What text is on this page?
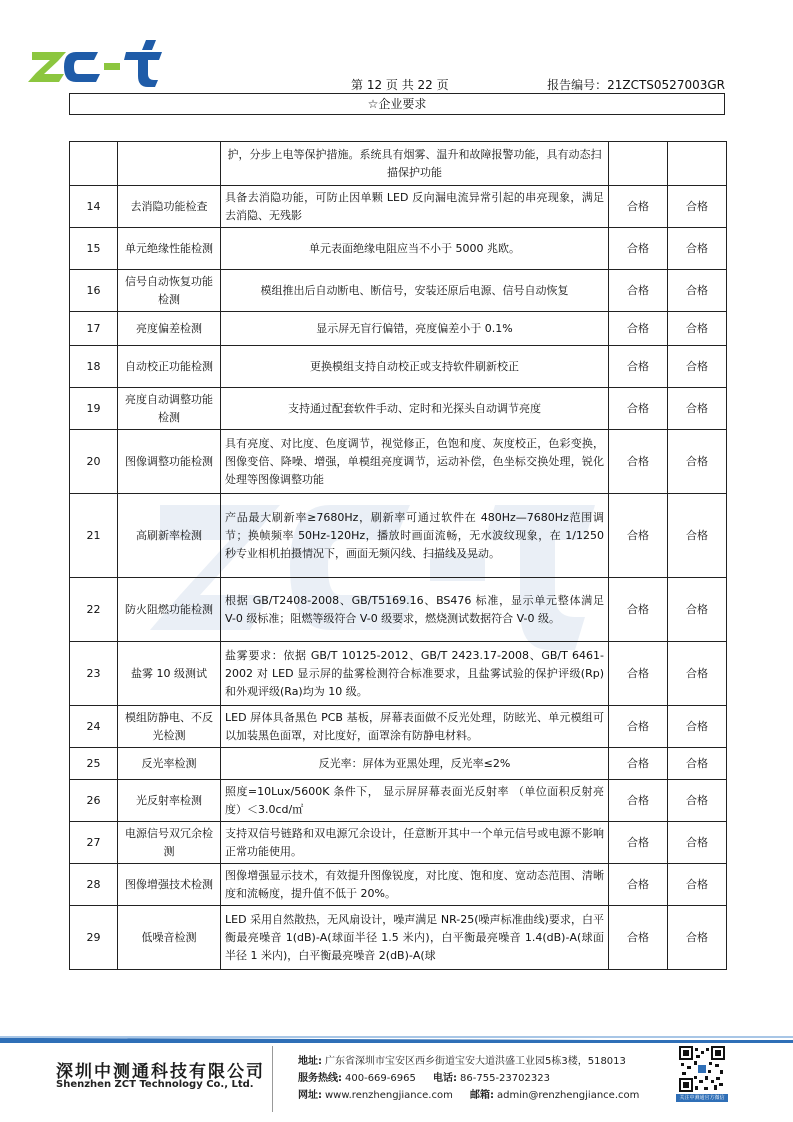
第 12 页 共 22 页	报告编号：21ZCTS0527003GR
☆企业要求
		护，分步上电等保护措施。系统具有烟雾、温升和故障报警功能，具有动态扫描保护功能		
14	去消隐功能检查	具备去消隐功能，可防止因单颗 LED 反向漏电流异常引起的串亮现象，满足去消隐、无残影	合格	合格
15	单元绝缘性能检测	单元表面绝缘电阻应当不小于 5000 兆欧。	合格	合格
16	信号自动恢复功能检测	模组推出后自动断电、断信号，安装还原后电源、信号自动恢复	合格	合格
17	亮度偏差检测	显示屏无盲行偏错，亮度偏差小于 0.1%	合格	合格
18	自动校正功能检测	更换模组支持自动校正或支持软件刷新校正	合格	合格
19	亮度自动调整功能检测	支持通过配套软件手动、定时和光探头自动调节亮度	合格	合格
20	图像调整功能检测	具有亮度、对比度、色度调节，视觉修正，色饱和度、灰度校正，色彩变换，图像变倍、降噪、增强，单模组亮度调节，运动补偿，色坐标交换处理，锐化处理等图像调整功能	合格	合格
21	高刷新率检测	产品最大刷新率≥7680Hz，刷新率可通过软件在 480Hz—7680Hz范围调节；换帧频率 50Hz-120Hz，播放时画面流畅，无水波纹现象，在 1/1250 秒专业相机拍摄情况下，画面无频闪线、扫描线及晃动。	合格	合格
22	防火阻燃功能检测	根据 GB/T2408-2008、GB/T5169.16、BS476 标准，显示单元整体满足 V-0 级标准；阻燃等级符合 V-0 级要求，燃烧测试数据符合 V-0 级。	合格	合格
23	盐雾 10 级测试	盐雾要求：依据 GB/T 10125-2012、GB/T 2423.17-2008、GB/T 6461-2002 对 LED 显示屏的盐雾检测符合标准要求，且盐雾试验的保护评级(Rp)和外观评级(Ra)均为 10 级。	合格	合格
24	模组防静电、不反光检测	LED 屏体具备黑色 PCB 基板，屏幕表面做不反光处理，防眩光、单元模组可以加装黑色面罩，对比度好，面罩涂有防静电材料。	合格	合格
25	反光率检测	反光率：屏体为亚黑处理，反光率≤2%	合格	合格
26	光反射率检测	照度=10Lux/5600K 条件下， 显示屏屏幕表面光反射率 （单位面积反射亮度）＜3.0cd/㎡	合格	合格
27	电源信号双冗余检测	支持双信号链路和双电源冗余设计，任意断开其中一个单元信号或电源不影响正常功能使用。	合格	合格
28	图像增强技术检测	图像增强显示技术，有效提升图像锐度，对比度、饱和度、宽动态范围、清晰度和流畅度，提升值不低于 20%。	合格	合格
29	低噪音检测	LED 采用自然散热，无风扇设计，噪声满足 NR-25(噪声标准曲线)要求，白平衡最亮噪音 1(dB)-A(球面半径 1.5 米内)，白平衡最亮噪音 1.4(dB)-A(球面半径 1 米内)，白平衡最亮噪音 2(dB)-A(球	合格	合格
深圳中测通科技有限公司
Shenzhen ZCT Technology Co., Ltd.
地址: 广东省深圳市宝安区西乡街道宝安大道洪盛工业园5栋3楼，518013
服务热线: 400-669-6965 电话: 86-755-23702323
网址: www.renzhengjiance.com 邮箱: admin@renzhengjiance.com	关注中测通官方微信
